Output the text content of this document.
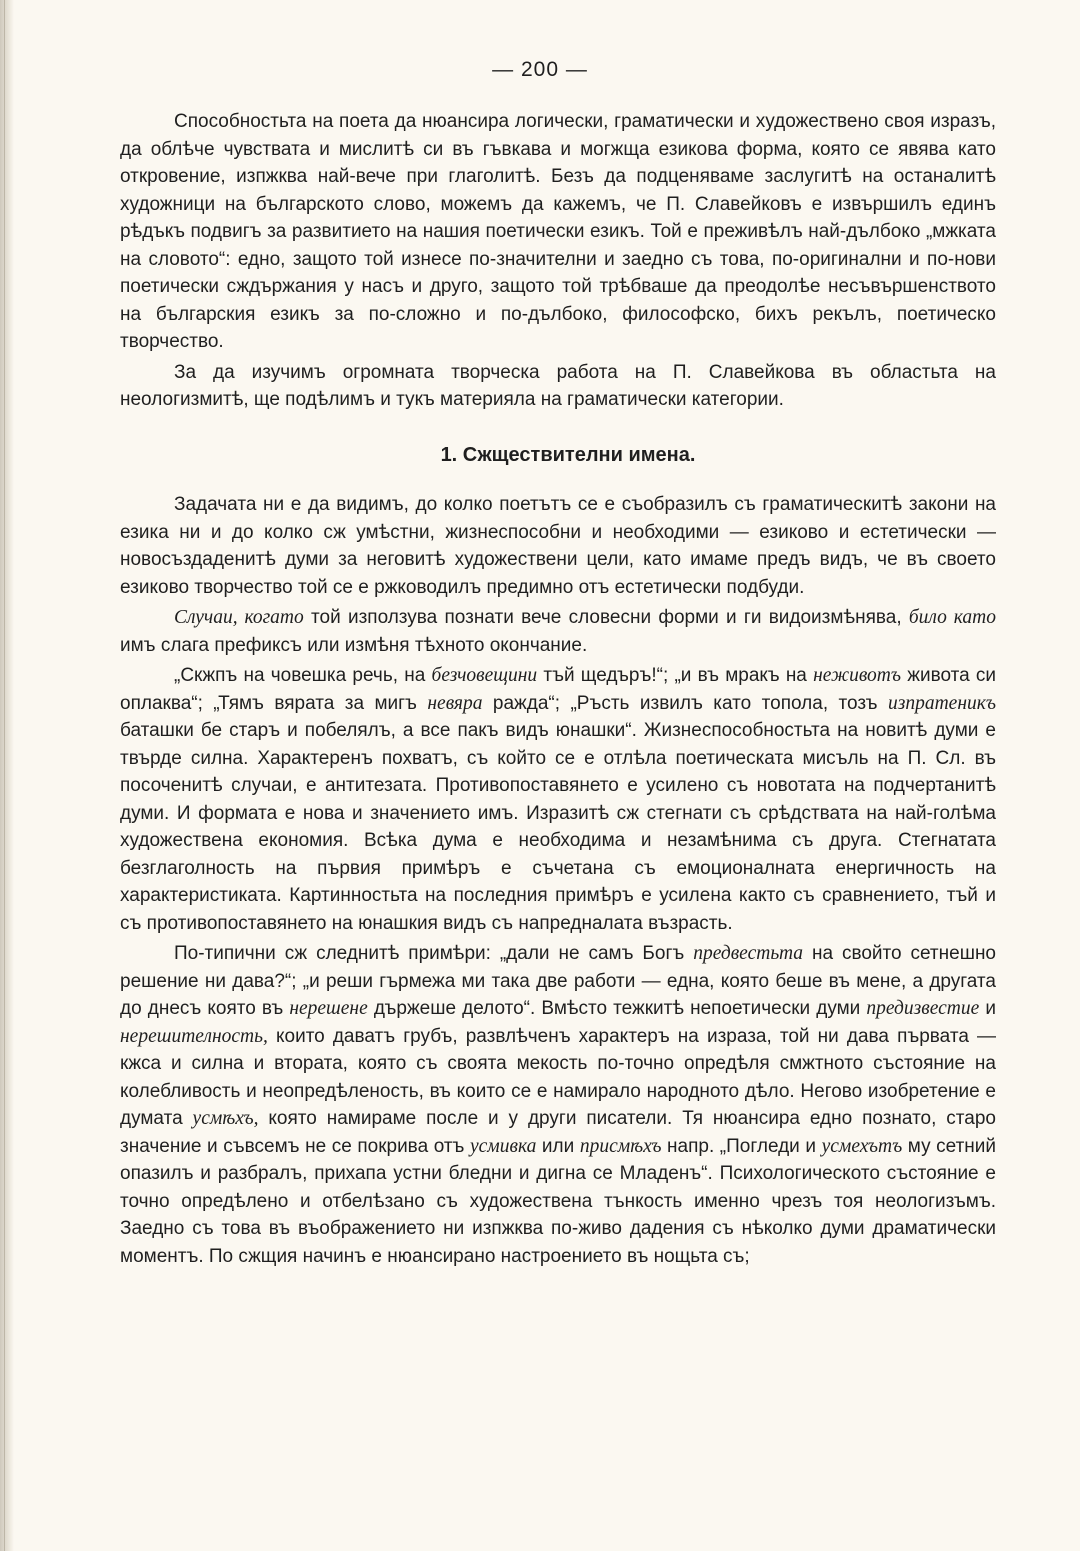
— 200 —

Способностьта на поета да нюансира логически, граматически и художествено своя изразъ, да облѣче чувствата и мислитѣ си въ гъвкава и могжща езикова форма, която се явява като откровение, изпжква най-вече при глаголитѣ. Безъ да подценяваме заслугитѣ на останалитѣ художници на българското слово, можемъ да кажемъ, че П. Славейковъ е извършилъ единъ рѣдъкъ подвигъ за развитието на нашия поетически езикъ. Той е преживѣлъ най-дълбоко „мжката на словото“: едно, защото той изнесе по-значителни и заедно съ това, по-оригинални и по-нови поетически сждържания у насъ и друго, защото той трѣбваше да преодолѣе несъвършенството на българския езикъ за по-сложно и по-дълбоко, философско, бихъ рекълъ, поетическо творчество.

За да изучимъ огромната творческа работа на П. Славейкова въ областьта на неологизмитѣ, ще подѣлимъ и тукъ материяла на граматически категории.

1. Сжществителни имена.

Задачата ни е да видимъ, до колко поетътъ се е съобразилъ съ граматическитѣ закони на езика ни и до колко сж умѣстни, жизнеспособни и необходими — езиково и естетически — новосъздаденитѣ думи за неговитѣ художествени цели, като имаме предъ видъ, че въ своето езиково творчество той се е ржководилъ предимно отъ естетически подбуди.

Случаи, когато той използува познати вече словесни форми и ги видоизмѣнява, било като имъ слага префиксъ или измѣня тѣхното окончание.

„Скжпъ на човешка речь, на безчовещини тъй щедъръ!“; „и въ мракъ на неживотъ живота си оплаква“; „Тямъ вярата за мигъ невяра ражда“; „Ръсть извилъ като топола, тозъ изпратеникъ баташки бе старъ и побелялъ, а все пакъ видъ юнашки“. Жизнеспособностьта на новитѣ думи е твърде силна. Характеренъ похватъ, съ който се е отлѣла поетическата мисъль на П. Сл. въ посоченитѣ случаи, е антитезата. Противопоставянето е усилено съ новотата на подчертанитѣ думи. И формата е нова и значението имъ. Изразитѣ сж стегнати съ срѣдствата на най-голѣма художествена економия. Всѣка дума е необходима и незамѣнима съ друга. Стегнатата безглаголность на първия примѣръ е съчетана съ емоционалната енергичность на характеристиката. Картинностьта на последния примѣръ е усилена както съ сравнението, тъй и съ противопоставянето на юнашкия видъ съ напредналата възрасть.

По-типични сж следнитѣ примѣри: „дали не самъ Богъ предвестьта на свойто сетнешно решение ни дава?“; „и реши гърмежа ми така две работи — една, която беше въ мене, а другата до днесъ която въ нерешене държеше делото“. Вмѣсто тежкитѣ непоетически думи предизвестие и нерешителность, които даватъ грубъ, развлѣченъ характеръ на израза, той ни дава първата — кжса и силна и втората, която съ своята мекость по-точно опредѣля смжтното състояние на колебливость и неопредѣленость, въ които се е намирало народното дѣло. Негово изобретение е думата усмѣхъ, която намираме после и у други писатели. Тя нюансира едно познато, старо значение и съвсемъ не се покрива отъ усмивка или присмѣхъ напр. „Погледи и усмехътъ му сетний опазилъ и разбралъ, прихапа устни бледни и дигна се Младенъ“. Психологическото състояние е точно опредѣлено и отбелѣзано съ художествена тънкость именно чрезъ тоя неологизъмъ. Заедно съ това въ въображението ни изпжква по-живо дадения съ нѣколко думи драматически моментъ. По сжщия начинъ е нюансирано настроението въ нощьта съ;
